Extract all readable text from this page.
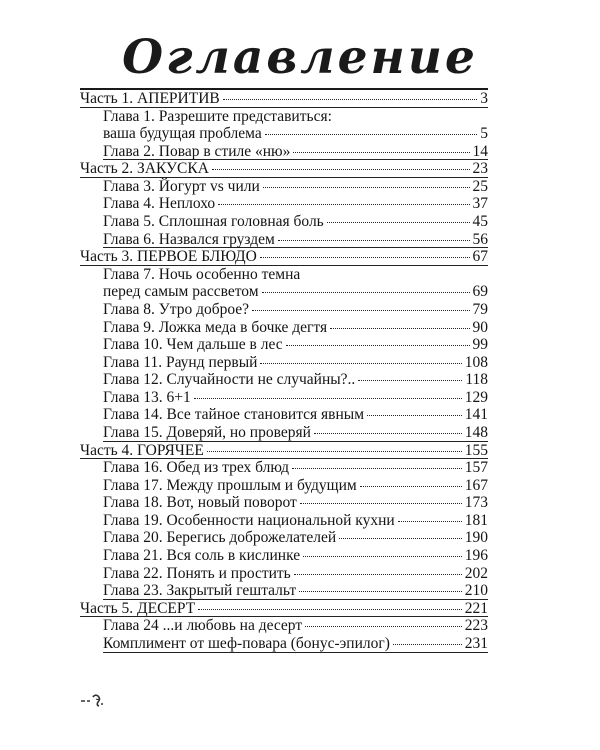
Оглавление
Часть 1. АПЕРИТИВ	3
Глава 1. Разрешите представиться:
ваша будущая проблема	5
Глава 2. Повар в стиле «ню»	14
Часть 2. ЗАКУСКА	23
Глава 3. Йогурт vs чили	25
Глава 4. Неплохо	37
Глава 5. Сплошная головная боль	45
Глава 6. Назвался груздем	56
Часть 3. ПЕРВОЕ БЛЮДО	67
Глава 7. Ночь особенно темна
перед самым рассветом	69
Глава 8. Утро доброе?	79
Глава 9. Ложка меда в бочке дегтя	90
Глава 10. Чем дальше в лес	99
Глава 11. Раунд первый	108
Глава 12. Случайности не случайны?..	118
Глава 13. 6+1	129
Глава 14. Все тайное становится явным	141
Глава 15. Доверяй, но проверяй	148
Часть 4. ГОРЯЧЕЕ	155
Глава 16. Обед из трех блюд	157
Глава 17. Между прошлым и будущим	167
Глава 18. Вот, новый поворот	173
Глава 19. Особенности национальной кухни	181
Глава 20. Берегись доброжелателей	190
Глава 21. Вся соль в кислинке	196
Глава 22. Понять и простить	202
Глава 23. Закрытый гештальт	210
Часть 5. ДЕСЕРТ	221
Глава 24 ...и любовь на десерт	223
Комплимент от шеф-повара (бонус-эпилог)	231
